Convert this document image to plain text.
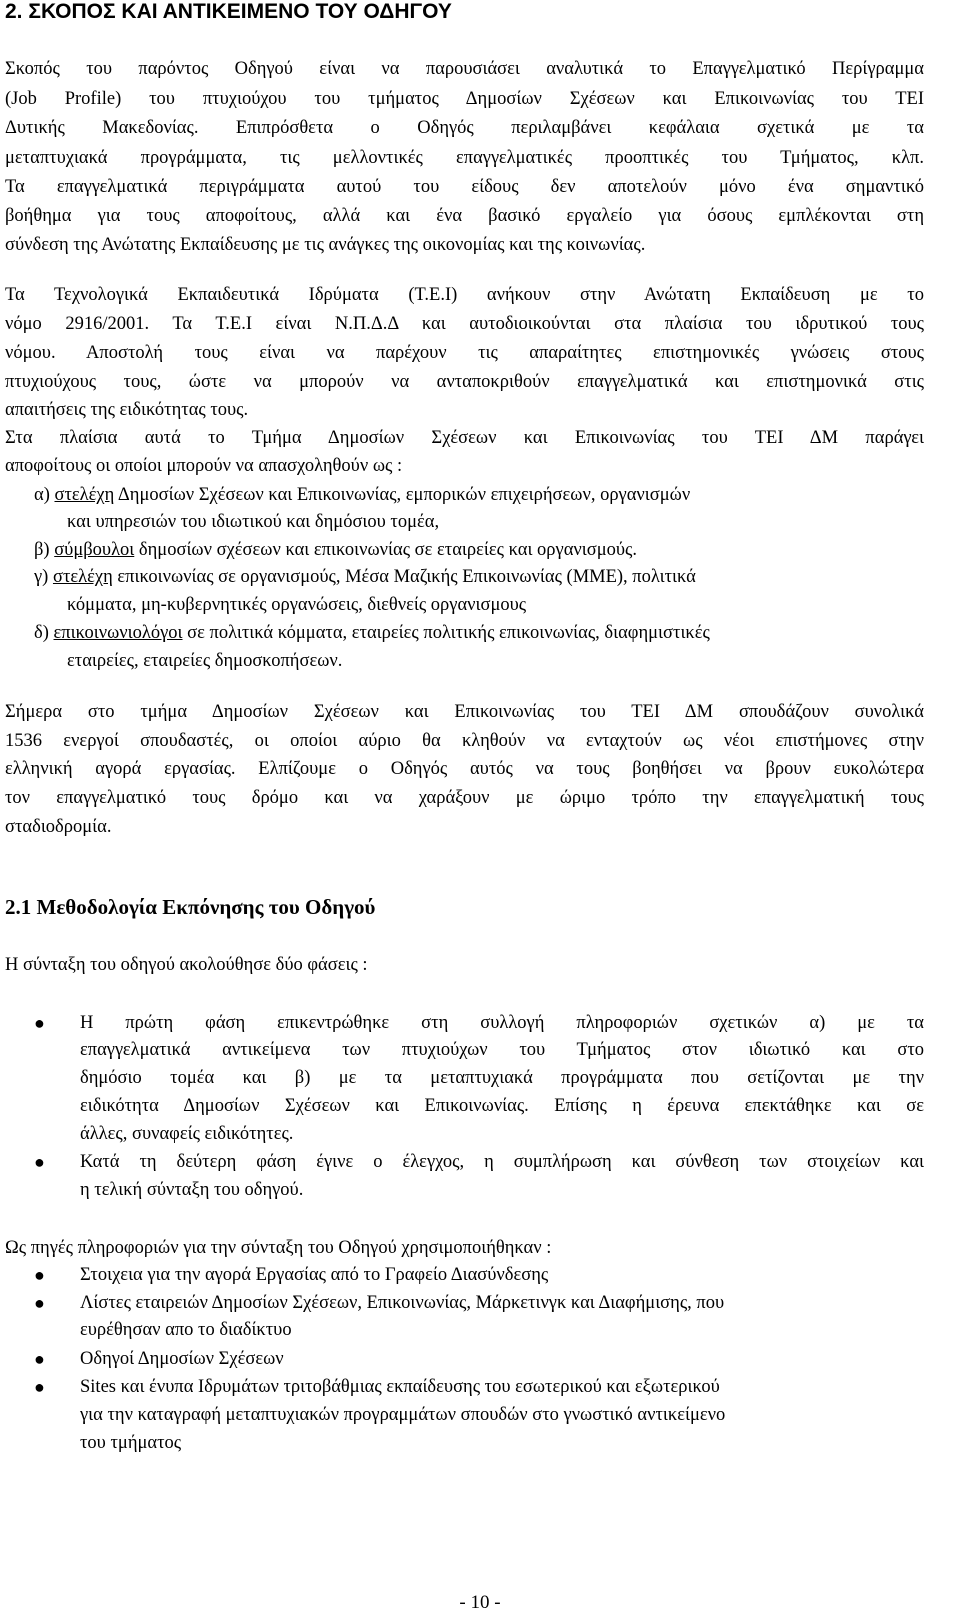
2. ΣΚΟΠΟΣ ΚΑΙ ΑΝΤΙΚΕΙΜΕΝΟ ΤΟΥ ΟΔΗΓΟΥ
Σκοπός του παρόντος Οδηγού είναι να παρουσιάσει αναλυτικά το Επαγγελματικό Περίγραμμα
(Job Profile) του πτυχιούχου του τμήματος Δημοσίων Σχέσεων και Επικοινωνίας του ΤΕΙ
Δυτικής Μακεδονίας. Επιπρόσθετα ο Οδηγός περιλαμβάνει κεφάλαια σχετικά με τα
μεταπτυχιακά προγράμματα, τις μελλοντικές επαγγελματικές προοπτικές του Τμήματος, κλπ.
Τα επαγγελματικά περιγράμματα αυτού του είδους δεν αποτελούν μόνο ένα σημαντικό
βοήθημα για τους αποφοίτους, αλλά και ένα βασικό εργαλείο για όσους εμπλέκονται στη
σύνδεση της Ανώτατης Εκπαίδευσης με τις ανάγκες της οικονομίας και της κοινωνίας.
Τα Τεχνολογικά Εκπαιδευτικά Ιδρύματα (Τ.Ε.Ι) ανήκουν στην Ανώτατη Εκπαίδευση με το
νόμο 2916/2001. Τα Τ.Ε.Ι είναι Ν.Π.Δ.Δ και αυτοδιοικούνται στα πλαίσια του ιδρυτικού τους
νόμου. Αποστολή τους είναι να παρέχουν τις απαραίτητες επιστημονικές γνώσεις στους
πτυχιούχους τους, ώστε να μπορούν να ανταποκριθούν επαγγελματικά και επιστημονικά στις
απαιτήσεις της ειδικότητας τους.
Στα πλαίσια αυτά το Τμήμα Δημοσίων Σχέσεων και Επικοινωνίας του ΤΕΙ ΔΜ παράγει
αποφοίτους οι οποίοι μπορούν να απασχοληθούν ως :
α) στελέχη Δημοσίων Σχέσεων και Επικοινωνίας, εμπορικών επιχειρήσεων, οργανισμών
και υπηρεσιών του ιδιωτικού και δημόσιου τομέα,
β) σύμβουλοι δημοσίων σχέσεων και επικοινωνίας σε εταιρείες και οργανισμούς.
γ) στελέχη επικοινωνίας σε οργανισμούς, Μέσα Μαζικής Επικοινωνίας (ΜΜΕ), πολιτικά
κόμματα, μη-κυβερνητικές οργανώσεις, διεθνείς οργανισμους
δ) επικοινωνιολόγοι σε πολιτικά κόμματα, εταιρείες πολιτικής επικοινωνίας, διαφημιστικές
εταιρείες, εταιρείες δημοσκοπήσεων.
Σήμερα στο τμήμα Δημοσίων Σχέσεων και Επικοινωνίας του ΤΕΙ ΔΜ σπουδάζουν συνολικά
1536 ενεργοί σπουδαστές, οι οποίοι αύριο θα κληθούν να ενταχτούν ως νέοι επιστήμονες στην
ελληνική αγορά εργασίας. Ελπίζουμε ο Οδηγός αυτός να τους βοηθήσει να βρουν ευκολώτερα
τον επαγγελματικό τους δρόμο και να χαράξουν με ώριμο τρόπο την επαγγελματική τους
σταδιοδρομία.
2.1 Μεθοδολογία Εκπόνησης του Οδηγού
Η σύνταξη του οδηγού ακολούθησε δύο φάσεις :
●	Η πρώτη φάση επικεντρώθηκε στη συλλογή πληροφοριών σχετικών α) με τα
επαγγελματικά αντικείμενα των πτυχιούχων του Τμήματος στον ιδιωτικό και στο
δημόσιο τομέα και β) με τα μεταπτυχιακά προγράμματα που σετίζονται με την
ειδικότητα Δημοσίων Σχέσεων και Επικοινωνίας. Επίσης η έρευνα επεκτάθηκε και σε
άλλες, συναφείς ειδικότητες.
●	Κατά τη δεύτερη φάση έγινε ο έλεγχος, η συμπλήρωση και σύνθεση των στοιχείων και
η τελική σύνταξη του οδηγού.
Ως πηγές πληροφοριών για την σύνταξη του Οδηγού χρησιμοποιήθηκαν :
●	Στοιχεια για την αγορά Εργασίας από το Γραφείο Διασύνδεσης
●	Λίστες εταιρειών Δημοσίων Σχέσεων, Επικοινωνίας, Μάρκετινγκ και Διαφήμισης, που
ευρέθησαν απο το διαδίκτυο
●	Οδηγοί Δημοσίων Σχέσεων
●	Sites και ένυπα Ιδρυμάτων τριτοβάθμιας εκπαίδευσης του εσωτερικού και εξωτερικού
για την καταγραφή μεταπτυχιακών προγραμμάτων σπουδών στο γνωστικό αντικείμενο
του τμήματος
- 10 -
